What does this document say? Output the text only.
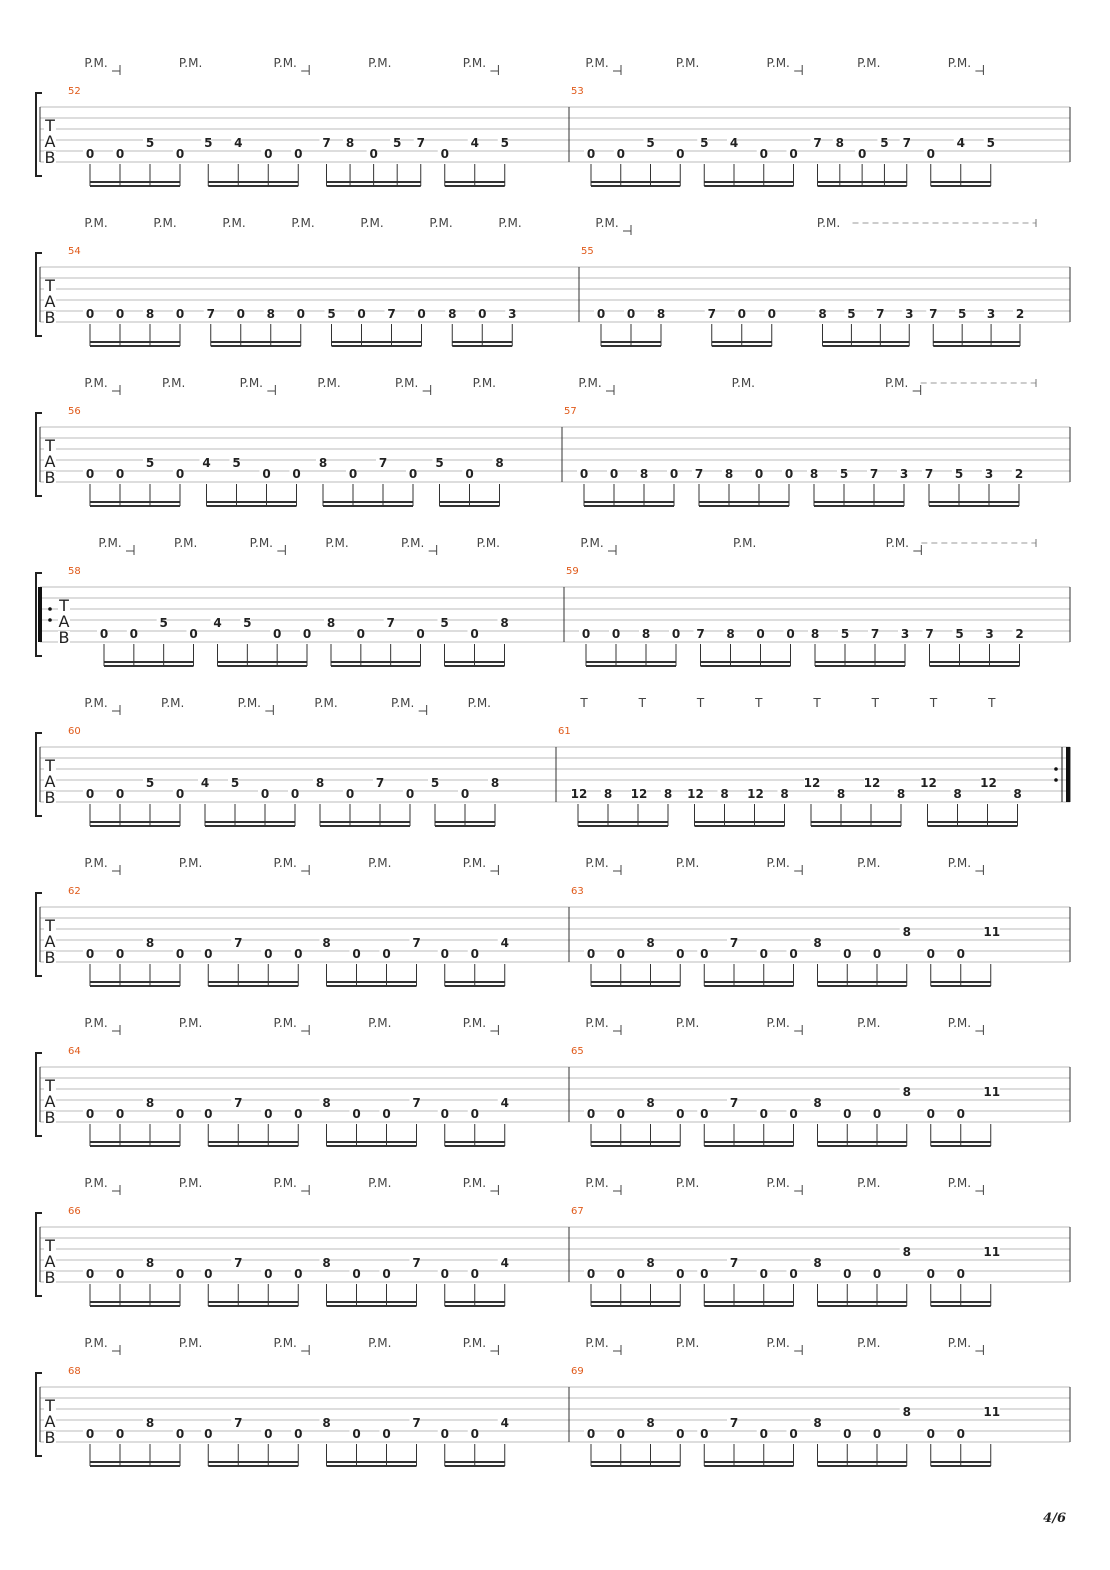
T
A
B
52
0 0
5
0
5 4
0 0
7 8
0
5 7
0
4 5
P.M.	P.M.	P.M.	P.M.	P.M.
53
0 0
5
0
5 4
0 0
7 8
0
5 7
0
4 5
P.M.	P.M.	P.M.	P.M.	P.M.
T
A
B
54
0 0 8 0 7 0 8 0 5 0 7 0 8 0 3
P.M.	P.M.	P.M.	P.M.	P.M.	P.M.	P.M.
55
0 0 8	7 0 0	8 5 7 3 7 5 3 2
P.M.	P.M.
T
A
B
56
0 0
5
0
4 5
0 0
8
0
7
0
5
0
8
P.M.	P.M.	P.M.	P.M.	P.M.	P.M.
57
0 0 8 0 7 8 0 0 8 5 7 3 7 5 3 2
P.M.	P.M.	P.M.
T
A
B
58
0 0
5
0
4 5
0 0
8
0
7
0
5
0
8
P.M.	P.M.	P.M.	P.M.	P.M.	P.M.
59
0 0 8 0 7 8 0 0 8 5 7 3 7 5 3 2
P.M.	P.M.	P.M.
T
A
B
60
0 0
5
0
4 5
0 0
8
0
7
0
5
0
8
P.M.	P.M.	P.M.	P.M.	P.M.	P.M.
61
12 8 12 8 12 8 12 8
12
8
12
8
12
8
12
8
T	T	T	T	T	T	T	T
T
A
B
62
0 0
8
0 0
7
0 0
8
0 0
7
0 0
4
P.M.	P.M.	P.M.	P.M.	P.M.
63
0 0
8
0 0
7
0 0
8
0 0
8
0 0
11
P.M.	P.M.	P.M.	P.M.	P.M.
T
A
B
64
0 0
8
0 0
7
0 0
8
0 0
7
0 0
4
P.M.	P.M.	P.M.	P.M.	P.M.
65
0 0
8
0 0
7
0 0
8
0 0
8
0 0
11
P.M.	P.M.	P.M.	P.M.	P.M.
T
A
B
66
0 0
8
0 0
7
0 0
8
0 0
7
0 0
4
P.M.	P.M.	P.M.	P.M.	P.M.
67
0 0
8
0 0
7
0 0
8
0 0
8
0 0
11
P.M.	P.M.	P.M.	P.M.	P.M.
T
A
B
68
0 0
8
0 0
7
0 0
8
0 0
7
0 0
4
P.M.	P.M.	P.M.	P.M.	P.M.
69
0 0
8
0 0
7
0 0
8
0 0
8
0 0
11
P.M.	P.M.	P.M.	P.M.	P.M.
4/6
